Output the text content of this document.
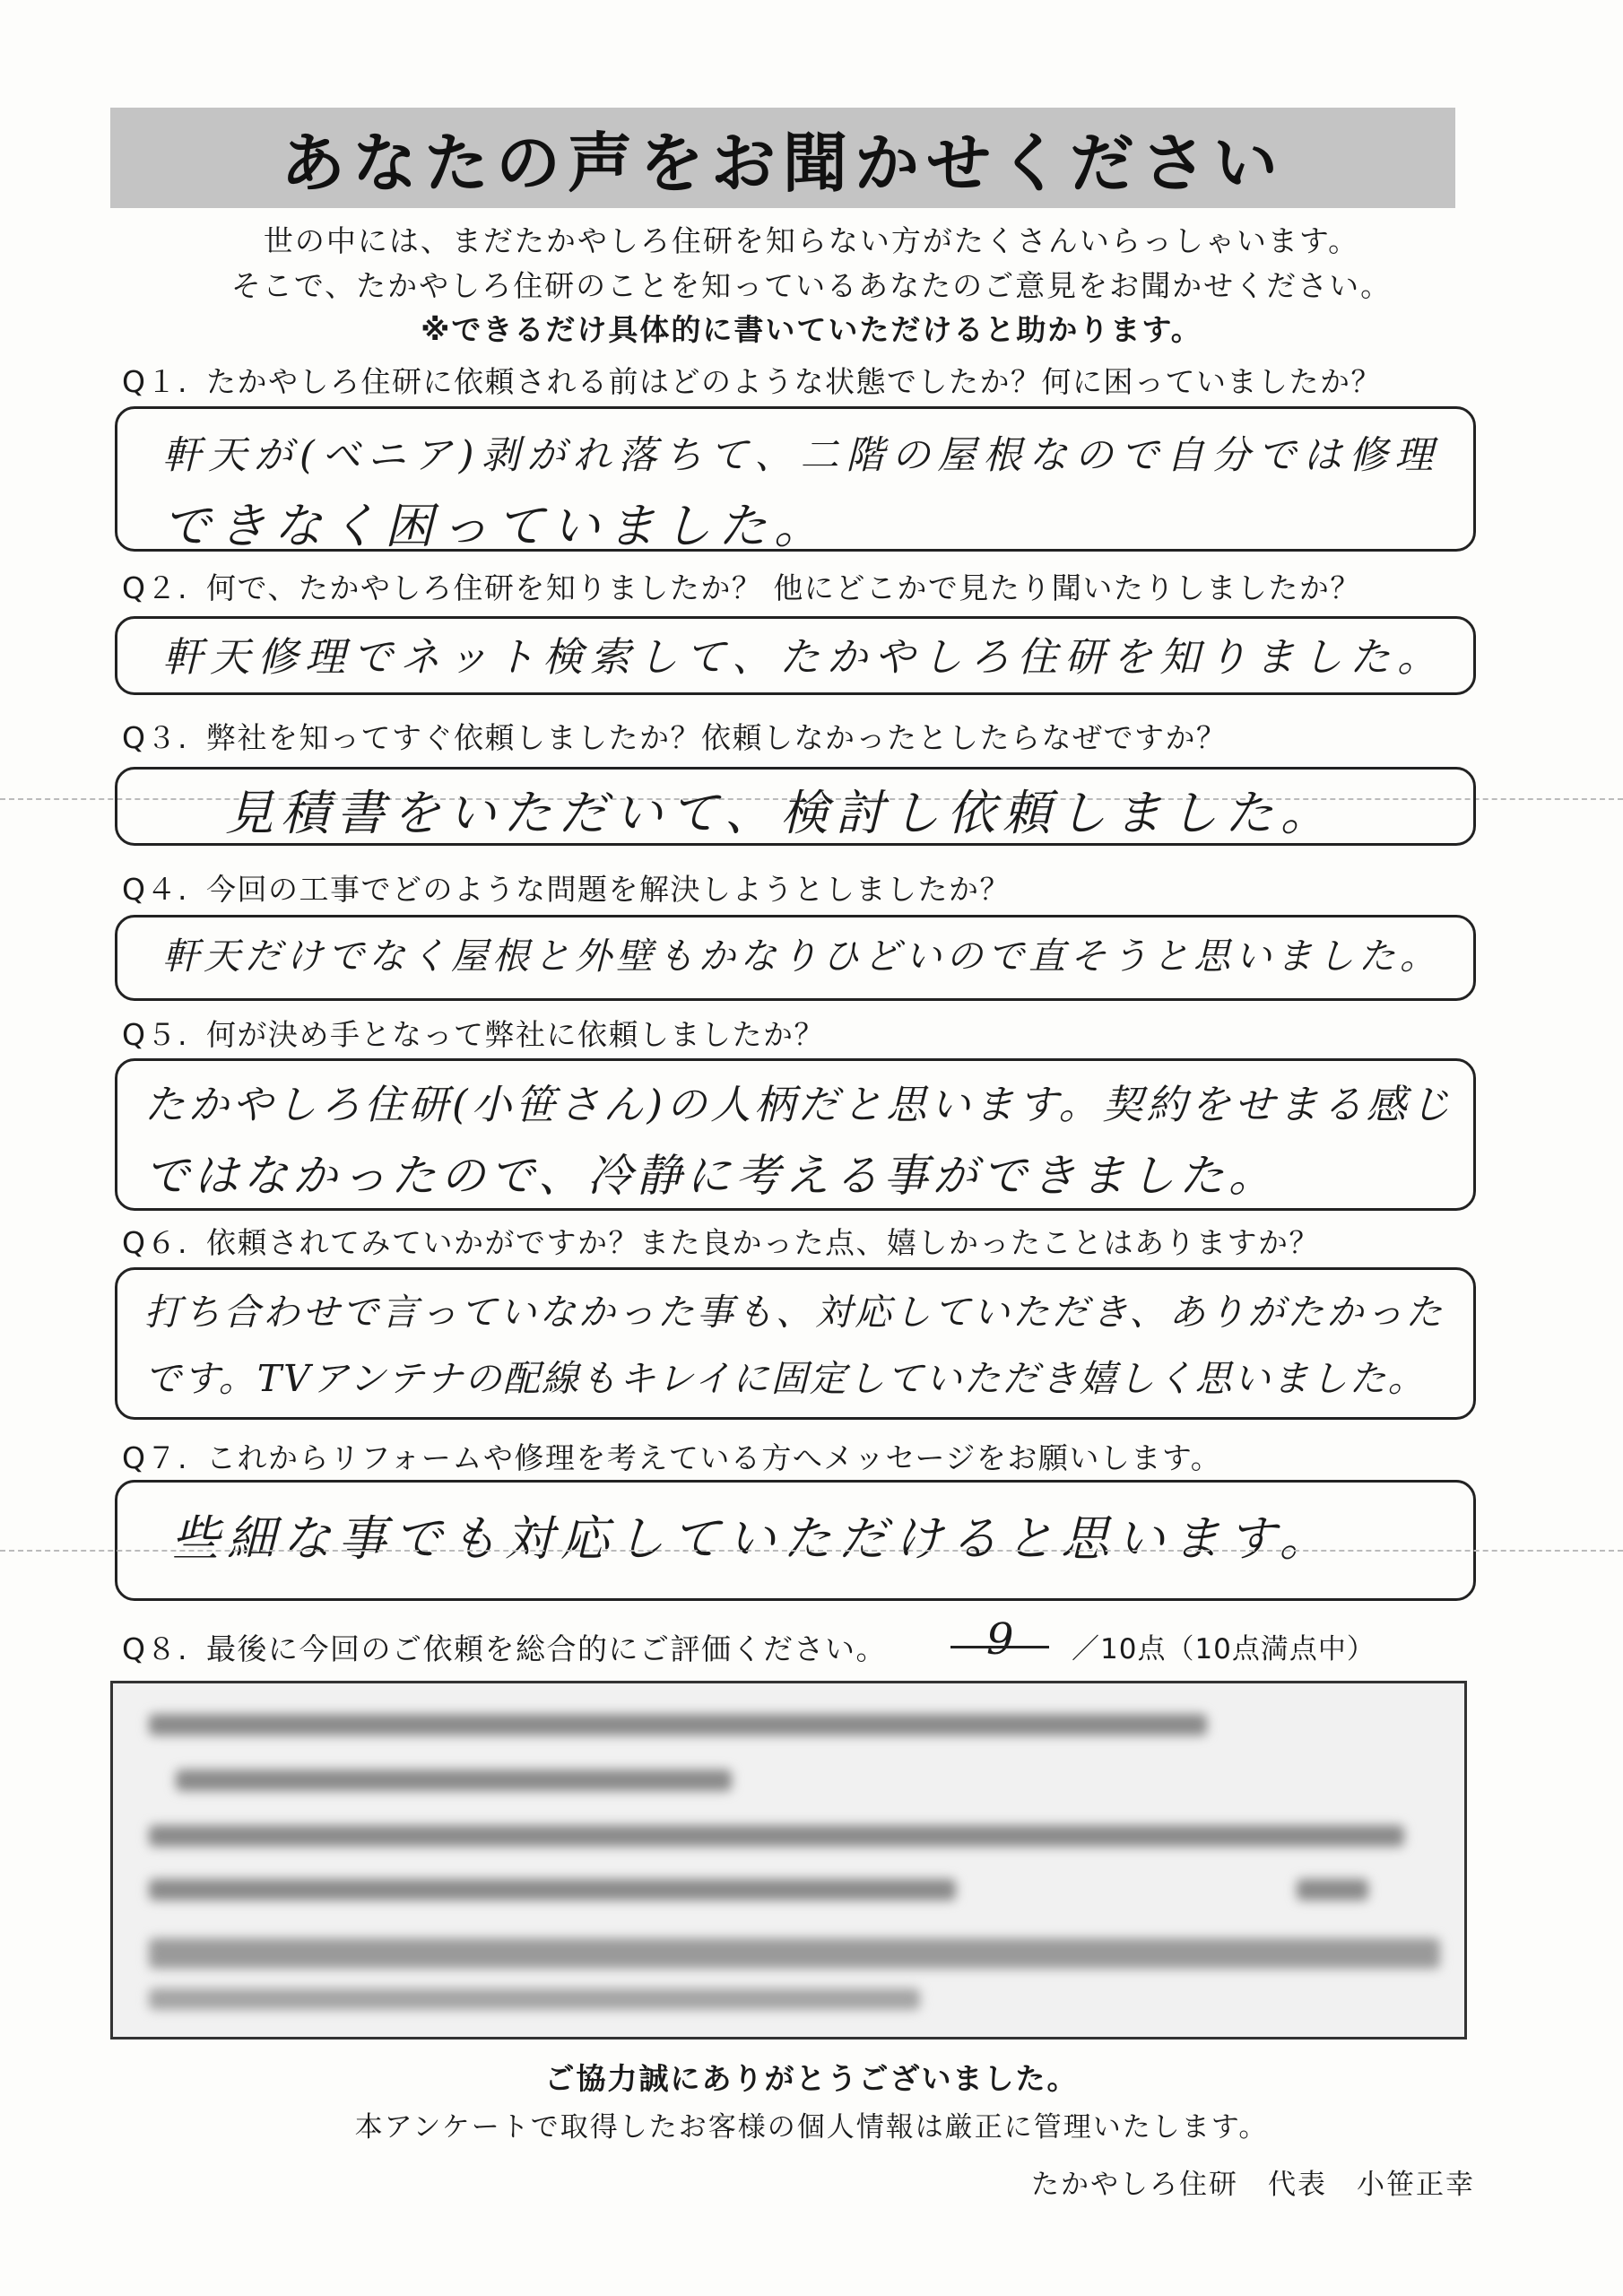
あなたの声をお聞かせください
世の中には、まだたかやしろ住研を知らない方がたくさんいらっしゃいます。
そこで、たかやしろ住研のことを知っているあなたのご意見をお聞かせください。
※できるだけ具体的に書いていただけると助かります。
Q１. たかやしろ住研に依頼される前はどのような状態でしたか？何に困っていましたか？
軒天が(ベニア)剥がれ落ちて、二階の屋根なので自分では修理
できなく困っていました。
Q２. 何で、たかやしろ住研を知りましたか？ 他にどこかで見たり聞いたりしましたか？
軒天修理でネット検索して、たかやしろ住研を知りました。
Q３. 弊社を知ってすぐ依頼しましたか？依頼しなかったとしたらなぜですか？
見積書をいただいて、検討し依頼しました。
Q４. 今回の工事でどのような問題を解決しようとしましたか？
軒天だけでなく屋根と外壁もかなりひどいので直そうと思いました。
Q５. 何が決め手となって弊社に依頼しましたか？
たかやしろ住研(小笹さん)の人柄だと思います。契約をせまる感じ
ではなかったので、冷静に考える事ができました。
Q６. 依頼されてみていかがですか？また良かった点、嬉しかったことはありますか？
打ち合わせで言っていなかった事も、対応していただき、ありがたかった
です。TVアンテナの配線もキレイに固定していただき嬉しく思いました。
Q７. これからリフォームや修理を考えている方へメッセージをお願いします。
些細な事でも対応していただけると思います。
Q８. 最後に今回のご依頼を総合的にご評価ください。 9 ／10点（10点満点中）
ご協力誠にありがとうございました。
本アンケートで取得したお客様の個人情報は厳正に管理いたします。
たかやしろ住研　代表　小笹正幸
